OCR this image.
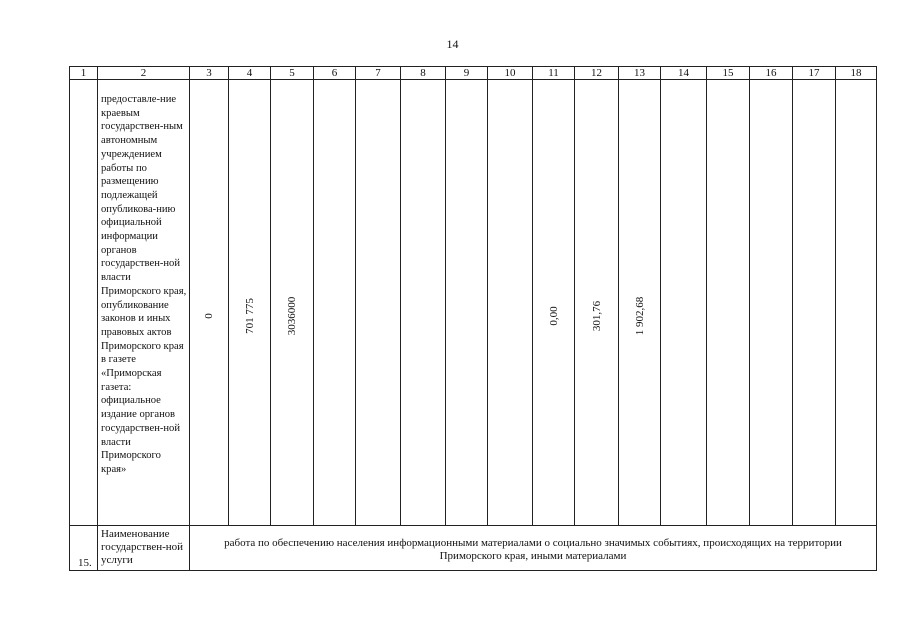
14
1	2	3	4	5	6	7	8	9	10	11	12	13	14	15	16	17	18

	предоставле-ние краевым государствен-ным автономным учреждением работы по размещению подлежащей опубликова-нию официальной информации органов государствен-ной власти Приморского края, опубликование законов и иных правовых актов Приморского края в газете «Приморская газета: официальное издание органов государствен-ной власти Приморского края»	0	701 775	3036000						0,00	301,76	1 902,68					

15.	Наименование государствен-ной услуги	работа по обеспечению населения информационными материалами о социально значимых событиях, происходящих на территории Приморского края, иными материалами															
